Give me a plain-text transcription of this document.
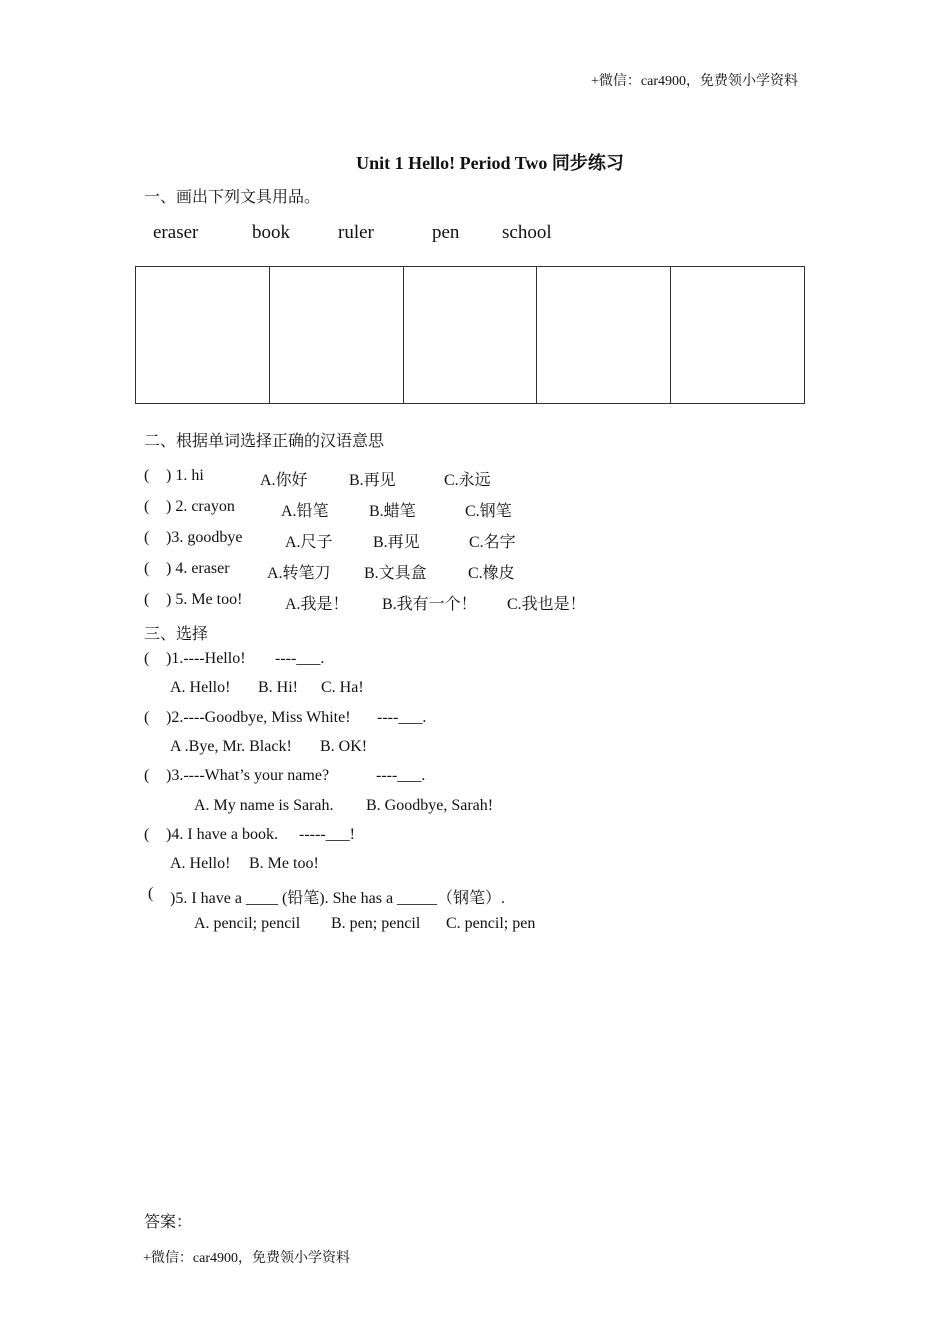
+微信：car4900，免费领小学资料
Unit 1 Hello! Period Two 同步练习
一、画出下列文具用品。
eraser	book	ruler	pen school
二、根据单词选择正确的汉语意思
( ) 1. hi	A.你好	B.再见	C.永远
( ) 2. crayon	A.铅笔	B.蜡笔	C.钢笔
( )3. goodbye	A.尺子	B.再见	C.名字
( ) 4. eraser A.转笔刀 B.文具盒	C.橡皮
( ) 5. Me too!	A.我是！ B.我有一个！ C.我也是！
三、选择
( )1.----Hello! ----___.
A. Hello! B. Hi! C. Ha!
( )2.----Goodbye, Miss White! ----___.
A .Bye, Mr. Black! B. OK!
( )3.----What’s your name?	----___.
A. My name is Sarah. B. Goodbye, Sarah!
( )4. I have a book. -----___!
A. Hello! B. Me too!
( )5. I have a ____ (铅笔). She has a _____（钢笔）.
A. pencil; pencil B. pen; pencil C. pencil; pen
答案：
+微信：car4900，免费领小学资料
